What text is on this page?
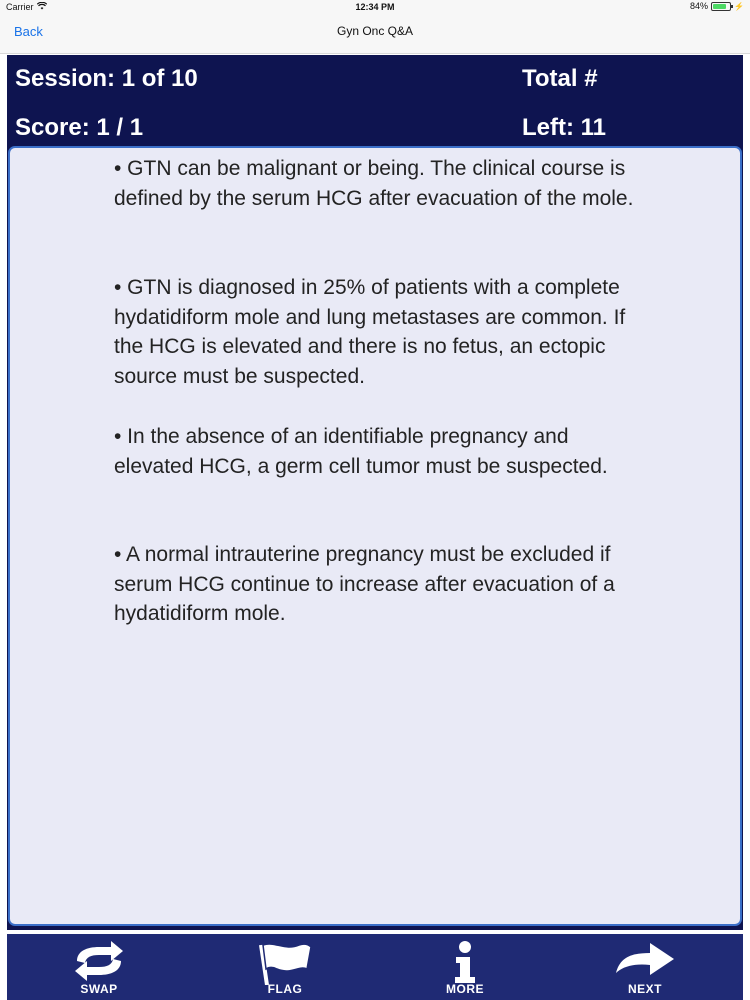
Carrier	12:34 PM	84%	⚡
Back	Gyn Onc Q&A
Session: 1 of 10
Score: 1 / 1
Total #
Left: 11
• GTN can be malignant or being. The clinical course is defined by the serum HCG after evacuation of the mole.
• GTN is diagnosed in 25% of patients with a complete hydatidiform mole and lung metastases are common. If the HCG is elevated and there is no fetus, an ectopic source must be suspected.
• In the absence of an identifiable pregnancy and elevated HCG, a germ cell tumor must be suspected.
• A normal intrauterine pregnancy must be excluded if serum HCG continue to increase after evacuation of a hydatidiform mole.
SWAP	FLAG	MORE	NEXT
